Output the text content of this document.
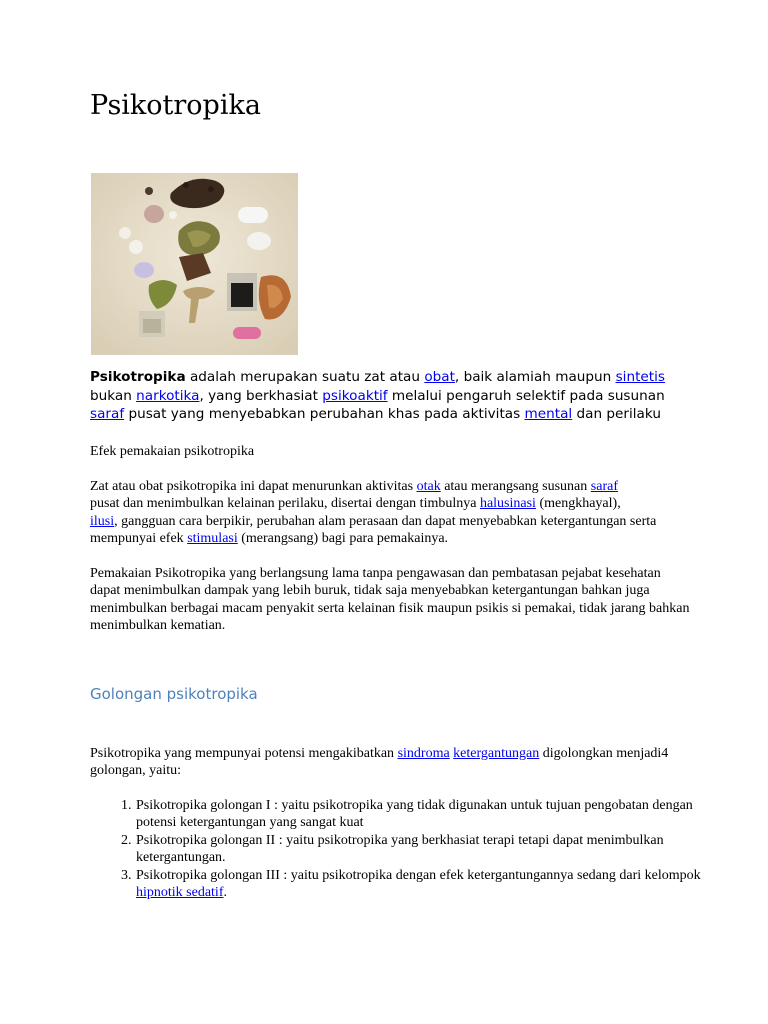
Psikotropika
Psikotropika adalah merupakan suatu zat atau obat, baik alamiah maupun sintetis
bukan narkotika, yang berkhasiat psikoaktif melalui pengaruh selektif pada susunan
saraf pusat yang menyebabkan perubahan khas pada aktivitas mental dan perilaku
Efek pemakaian psikotropika
Zat atau obat psikotropika ini dapat menurunkan aktivitas otak atau merangsang susunan saraf
pusat dan menimbulkan kelainan perilaku, disertai dengan timbulnya halusinasi (mengkhayal),
ilusi, gangguan cara berpikir, perubahan alam perasaan dan dapat menyebabkan ketergantungan serta mempunyai efek stimulasi (merangsang) bagi para pemakainya.
Pemakaian Psikotropika yang berlangsung lama tanpa pengawasan dan pembatasan pejabat kesehatan dapat menimbulkan dampak yang lebih buruk, tidak saja menyebabkan ketergantungan bahkan juga menimbulkan berbagai macam penyakit serta kelainan fisik maupun psikis si pemakai, tidak jarang bahkan menimbulkan kematian.
Golongan psikotropika
Psikotropika yang mempunyai potensi mengakibatkan sindroma ketergantungan digolongkan menjadi4 golongan, yaitu:
1. Psikotropika golongan I : yaitu psikotropika yang tidak digunakan untuk tujuan pengobatan dengan potensi ketergantungan yang sangat kuat
2. Psikotropika golongan II : yaitu psikotropika yang berkhasiat terapi tetapi dapat menimbulkan ketergantungan.
3. Psikotropika golongan III : yaitu psikotropika dengan efek ketergantungannya sedang dari kelompok hipnotik sedatif.
